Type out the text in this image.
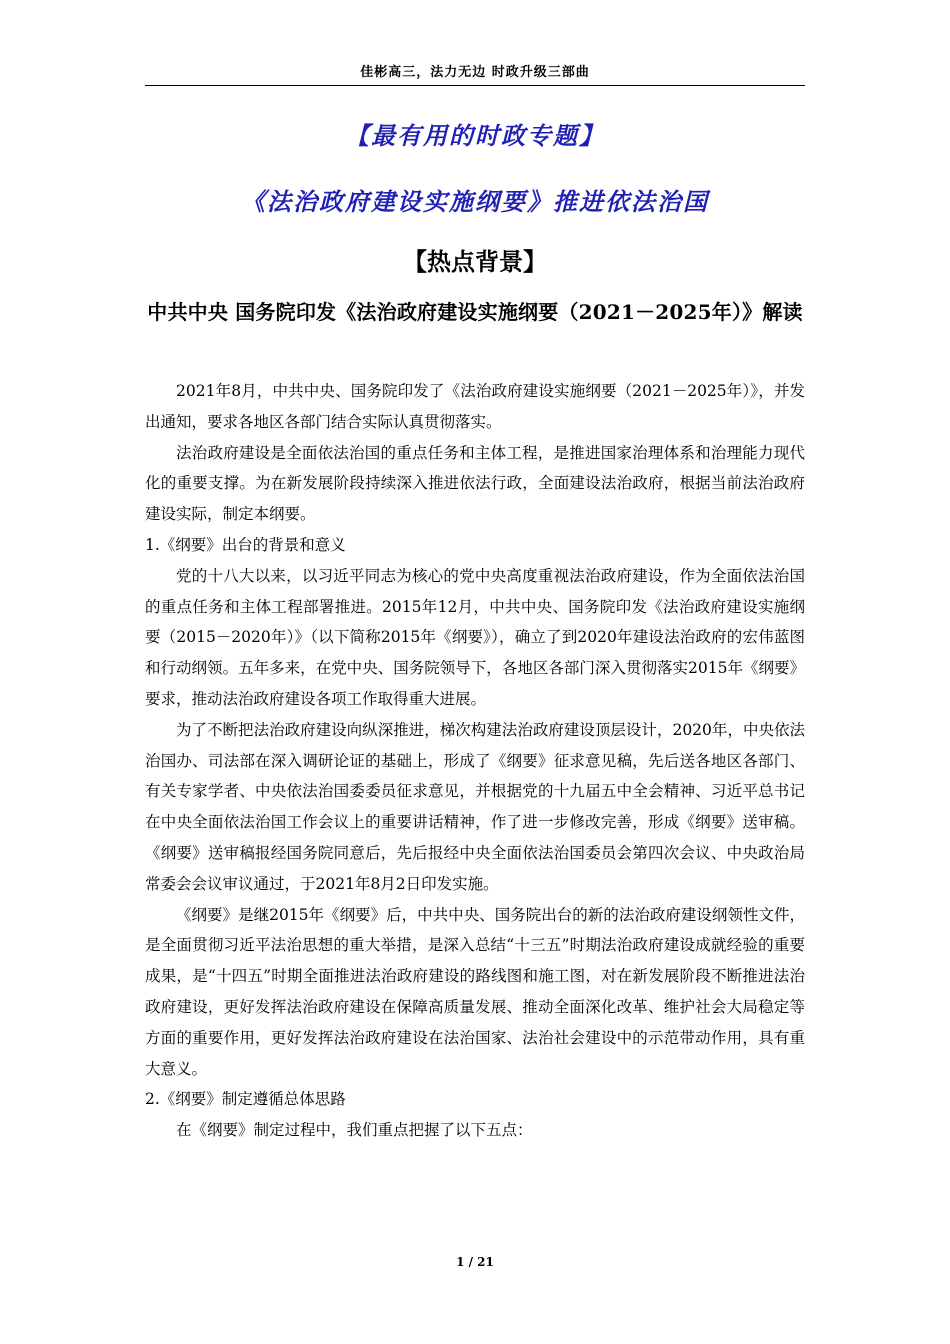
佳彬高三，法力无边 时政升级三部曲
【最有用的时政专题】
《法治政府建设实施纲要》推进依法治国
【热点背景】
中共中央 国务院印发《法治政府建设实施纲要（2021－2025年）》解读

2021年8月，中共中央、国务院印发了《法治政府建设实施纲要（2021－2025年）》，并发出通知，要求各地区各部门结合实际认真贯彻落实。

法治政府建设是全面依法治国的重点任务和主体工程，是推进国家治理体系和治理能力现代化的重要支撑。为在新发展阶段持续深入推进依法行政，全面建设法治政府，根据当前法治政府建设实际，制定本纲要。

1.《纲要》出台的背景和意义

党的十八大以来，以习近平同志为核心的党中央高度重视法治政府建设，作为全面依法治国的重点任务和主体工程部署推进。2015年12月，中共中央、国务院印发《法治政府建设实施纲要（2015－2020年）》（以下简称2015年《纲要》），确立了到2020年建设法治政府的宏伟蓝图和行动纲领。五年多来，在党中央、国务院领导下，各地区各部门深入贯彻落实2015年《纲要》要求，推动法治政府建设各项工作取得重大进展。

为了不断把法治政府建设向纵深推进，梯次构建法治政府建设顶层设计，2020年，中央依法治国办、司法部在深入调研论证的基础上，形成了《纲要》征求意见稿，先后送各地区各部门、有关专家学者、中央依法治国委委员征求意见，并根据党的十九届五中全会精神、习近平总书记在中央全面依法治国工作会议上的重要讲话精神，作了进一步修改完善，形成《纲要》送审稿。《纲要》送审稿报经国务院同意后，先后报经中央全面依法治国委员会第四次会议、中央政治局常委会会议审议通过，于2021年8月2日印发实施。

《纲要》是继2015年《纲要》后，中共中央、国务院出台的新的法治政府建设纲领性文件，是全面贯彻习近平法治思想的重大举措，是深入总结“十三五”时期法治政府建设成就经验的重要成果，是“十四五”时期全面推进法治政府建设的路线图和施工图，对在新发展阶段不断推进法治政府建设，更好发挥法治政府建设在保障高质量发展、推动全面深化改革、维护社会大局稳定等方面的重要作用，更好发挥法治政府建设在法治国家、法治社会建设中的示范带动作用，具有重大意义。

2.《纲要》制定遵循总体思路

在《纲要》制定过程中，我们重点把握了以下五点：

1 / 21
